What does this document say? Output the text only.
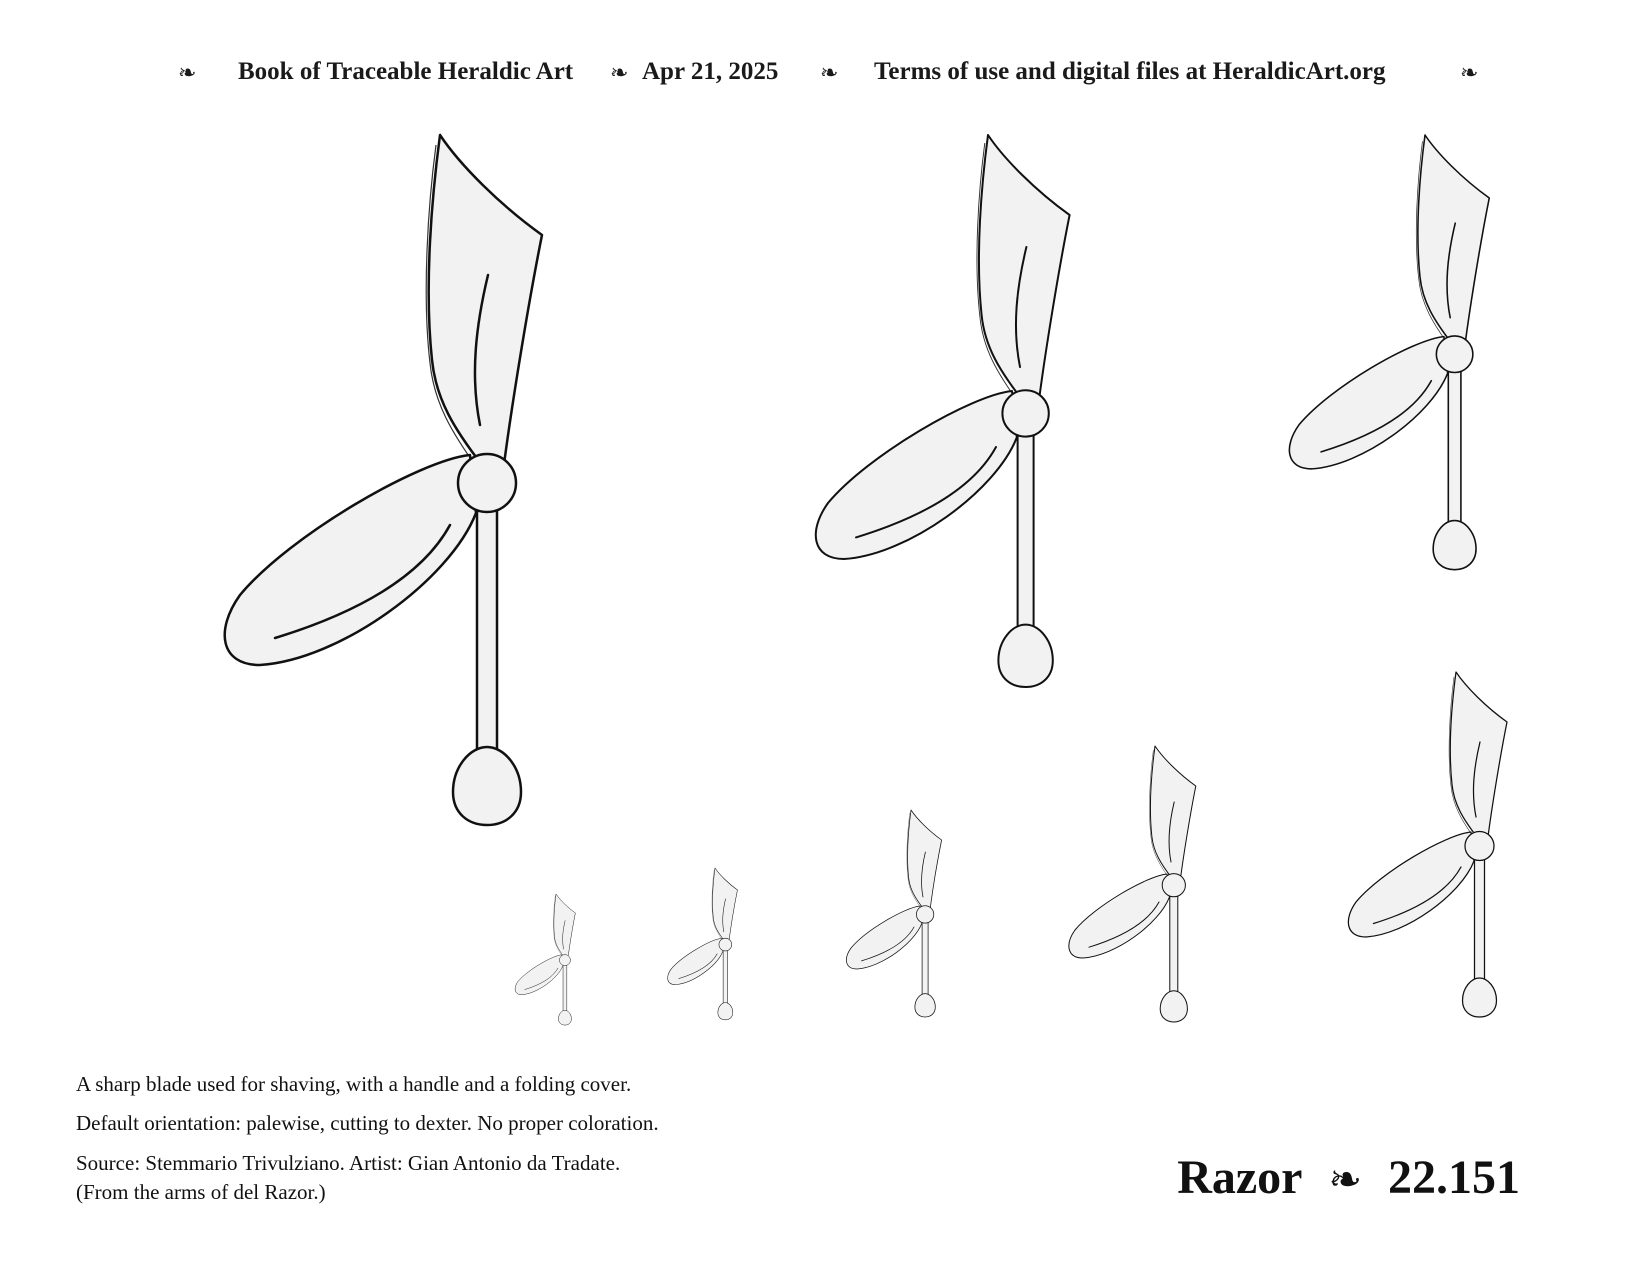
❧ Book of Traceable Heraldic Art ❧ Apr 21, 2025 ❧ Terms of use and digital files at HeraldicArt.org	❧
A sharp blade used for shaving, with a handle and a folding cover.
Default orientation: palewise, cutting to dexter. No proper coloration.
Source: Stemmario Trivulziano. Artist: Gian Antonio da Tradate.
(From the arms of del Razor.)	Razor ❧ 22.151
